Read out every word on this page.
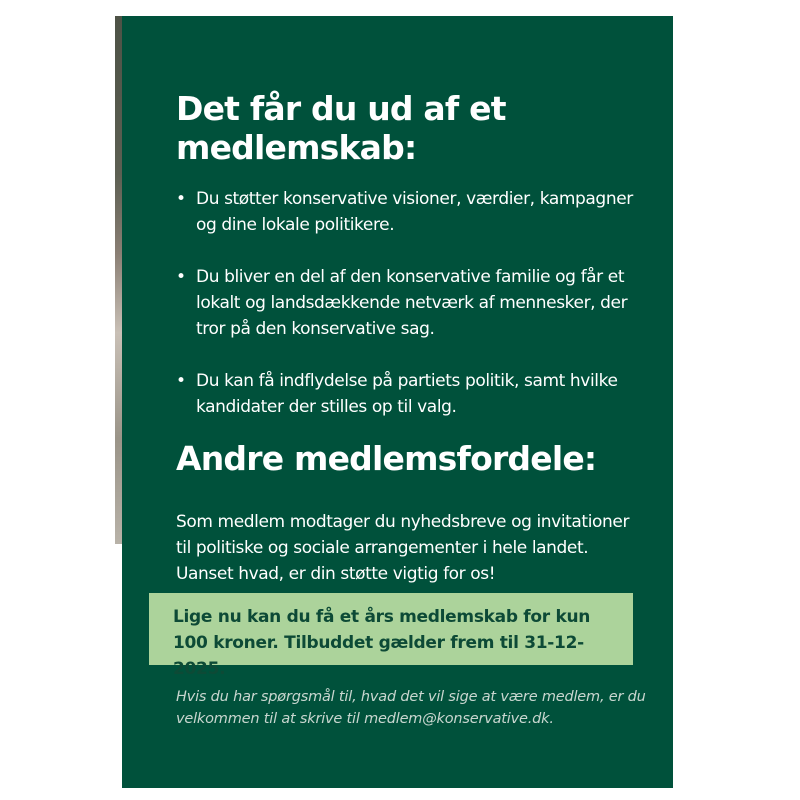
Det får du ud af et medlemskab:
• Du støtter konservative visioner, værdier, kampagner og dine lokale politikere.
• Du bliver en del af den konservative familie og får et lokalt og landsdækkende netværk af mennesker, der tror på den konservative sag.
• Du kan få indflydelse på partiets politik, samt hvilke kandidater der stilles op til valg.
Andre medlemsfordele:

Som medlem modtager du nyhedsbreve og invitationer til politiske og sociale arrangementer i hele landet. Uanset hvad, er din støtte vigtig for os!

Lige nu kan du få et års medlemskab for kun 100 kroner. Tilbuddet gælder frem til 31-12-2025.

Hvis du har spørgsmål til, hvad det vil sige at være medlem, er du velkommen til at skrive til medlem@konservative.dk.
